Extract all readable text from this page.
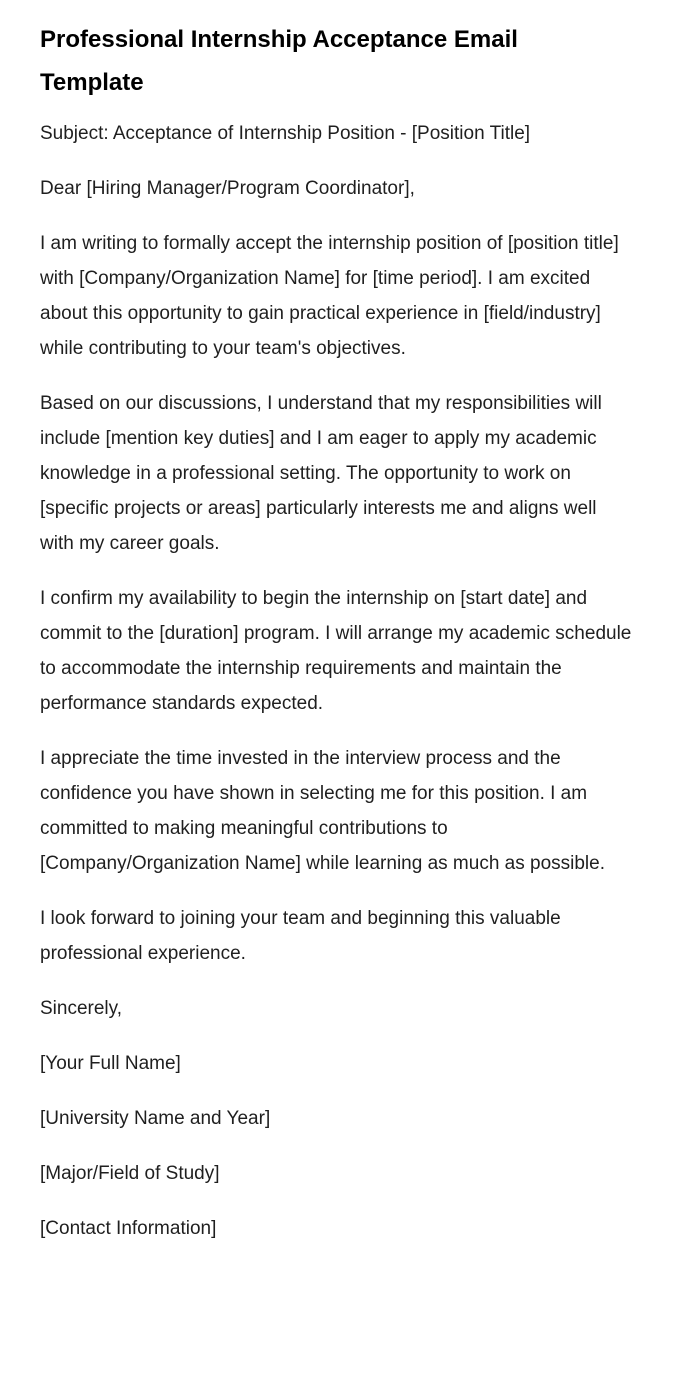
Professional Internship Acceptance Email Template

Subject: Acceptance of Internship Position - [Position Title]

Dear [Hiring Manager/Program Coordinator],

I am writing to formally accept the internship position of [position title] with [Company/Organization Name] for [time period]. I am excited about this opportunity to gain practical experience in [field/industry] while contributing to your team's objectives.

Based on our discussions, I understand that my responsibilities will include [mention key duties] and I am eager to apply my academic knowledge in a professional setting. The opportunity to work on [specific projects or areas] particularly interests me and aligns well with my career goals.

I confirm my availability to begin the internship on [start date] and commit to the [duration] program. I will arrange my academic schedule to accommodate the internship requirements and maintain the performance standards expected.

I appreciate the time invested in the interview process and the confidence you have shown in selecting me for this position. I am committed to making meaningful contributions to [Company/Organization Name] while learning as much as possible.

I look forward to joining your team and beginning this valuable professional experience.

Sincerely,

[Your Full Name]

[University Name and Year]

[Major/Field of Study]

[Contact Information]
